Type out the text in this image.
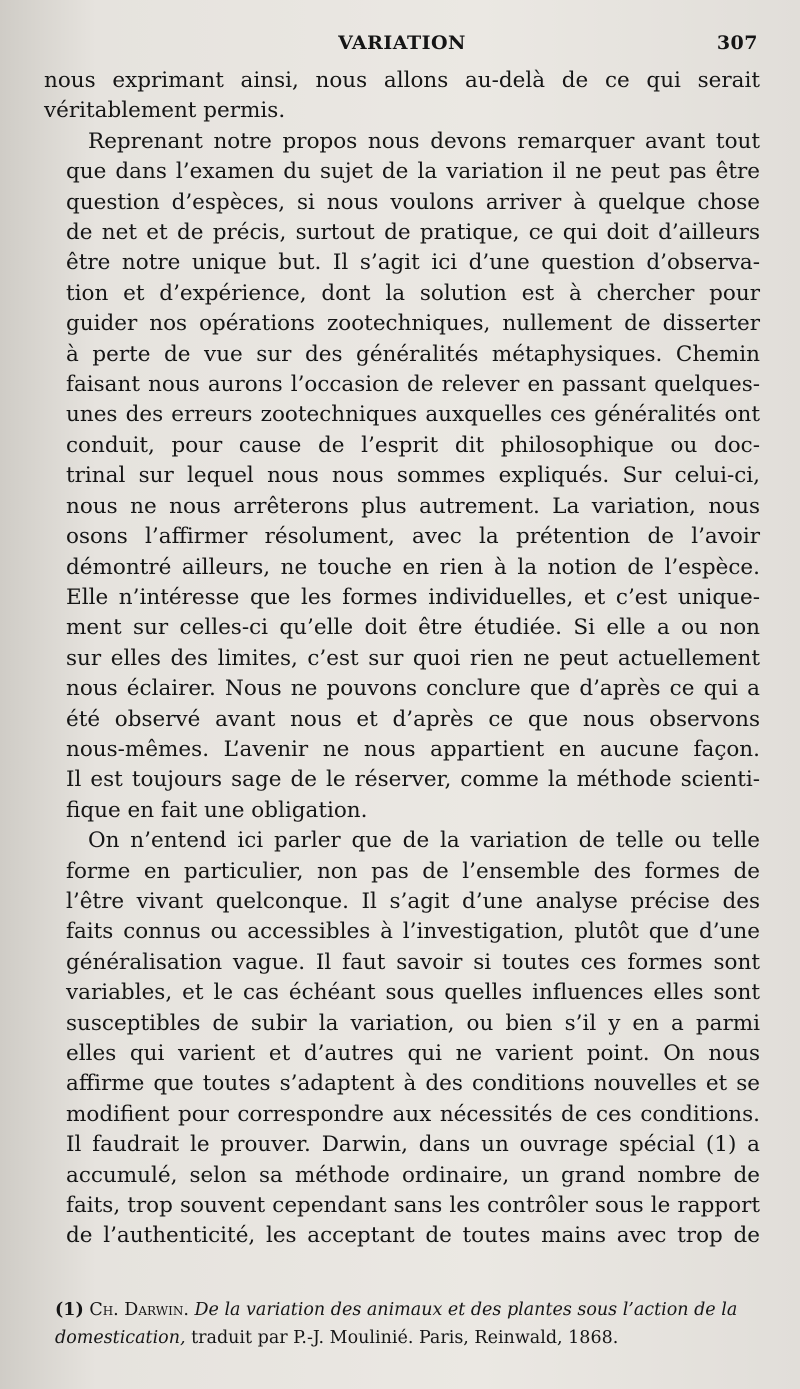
VARIATION	307

nous exprimant ainsi, nous allons au-delà de ce qui serait
véritablement permis.

Reprenant notre propos nous devons remarquer avant tout
que dans l’examen du sujet de la variation il ne peut pas être
question d’espèces, si nous voulons arriver à quelque chose
de net et de précis, surtout de pratique, ce qui doit d’ailleurs
être notre unique but. Il s’agit ici d’une question d’observa-
tion et d’expérience, dont la solution est à chercher pour
guider nos opérations zootechniques, nullement de disserter
à perte de vue sur des généralités métaphysiques. Chemin
faisant nous aurons l’occasion de relever en passant quelques-
unes des erreurs zootechniques auxquelles ces généralités ont
conduit, pour cause de l’esprit dit philosophique ou doc-
trinal sur lequel nous nous sommes expliqués. Sur celui-ci,
nous ne nous arrêterons plus autrement. La variation, nous
osons l’affirmer résolument, avec la prétention de l’avoir
démontré ailleurs, ne touche en rien à la notion de l’espèce.
Elle n’intéresse que les formes individuelles, et c’est unique-
ment sur celles-ci qu’elle doit être étudiée. Si elle a ou non
sur elles des limites, c’est sur quoi rien ne peut actuellement
nous éclairer. Nous ne pouvons conclure que d’après ce qui a
été observé avant nous et d’après ce que nous observons
nous-mêmes. L’avenir ne nous appartient en aucune façon.
Il est toujours sage de le réserver, comme la méthode scienti-
fique en fait une obligation.

On n’entend ici parler que de la variation de telle ou telle
forme en particulier, non pas de l’ensemble des formes de
l’être vivant quelconque. Il s’agit d’une analyse précise des
faits connus ou accessibles à l’investigation, plutôt que d’une
généralisation vague. Il faut savoir si toutes ces formes sont
variables, et le cas échéant sous quelles influences elles sont
susceptibles de subir la variation, ou bien s’il y en a parmi
elles qui varient et d’autres qui ne varient point. On nous
affirme que toutes s’adaptent à des conditions nouvelles et se
modifient pour correspondre aux nécessités de ces conditions.
Il faudrait le prouver. Darwin, dans un ouvrage spécial (1) a
accumulé, selon sa méthode ordinaire, un grand nombre de
faits, trop souvent cependant sans les contrôler sous le rapport
de l’authenticité, les acceptant de toutes mains avec trop de

(1) Ch. Darwin. De la variation des animaux et des plantes sous l’action de la domestication, traduit par P.-J. Moulinié. Paris, Reinwald, 1868.
